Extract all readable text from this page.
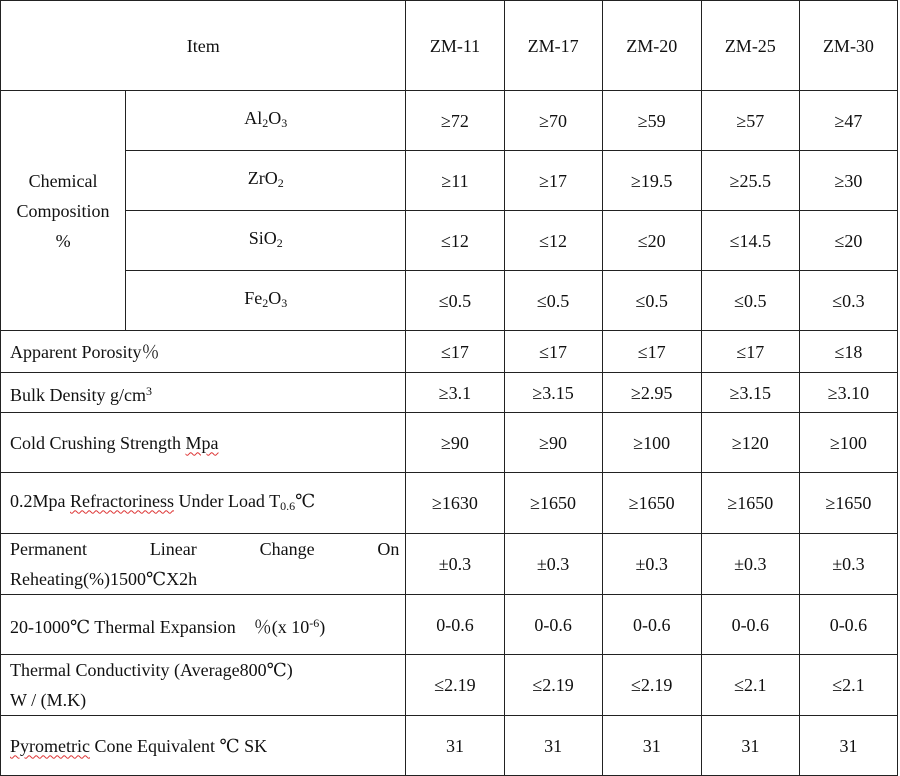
Item		ZM-11	ZM-17	ZM-20	ZM-25	ZM-30

Chemical
Composition
%	$Al_2O_3$	≥72	≥70	≥59	≥57	≥47
	ZrO$_2$	≥11	≥17	≥19.5	≥25.5	≥30
	SiO$_2$	≤12	≤12	≤20	≤14.5	≤20
	$Fe_2O_3$	≤0.5	≤0.5	≤0.5	≤0.5	≤0.3
Apparent Porosity％		≤17	≤17	≤17	≤17	≤18
Bulk Density $g/cm^3$		≥3.1	≥3.15	≥2.95	≥3.15	≥3.10
Cold Crushing Strength Mpa		≥90	≥90	≥100	≥120	≥100
0.2Mpa Refractoriness Under Load $T_{0.6}℃$		≥1630	≥1650	≥1650	≥1650	≥1650

Permanent Linear Change On
Reheating(%)1500℃X2h		±0.3	±0.3	±0.3	±0.3	±0.3
20-1000℃ Thermal Expansion　％(x $10^{-6}$)		0-0.6	0-0.6	0-0.6	0-0.6	0-0.6

Thermal Conductivity (Average800℃)
W / (M.K)		≤2.19	≤2.19	≤2.19	≤2.1	≤2.1
Pyrometric Cone Equivalent ℃ SK		31	31	31	31	31
